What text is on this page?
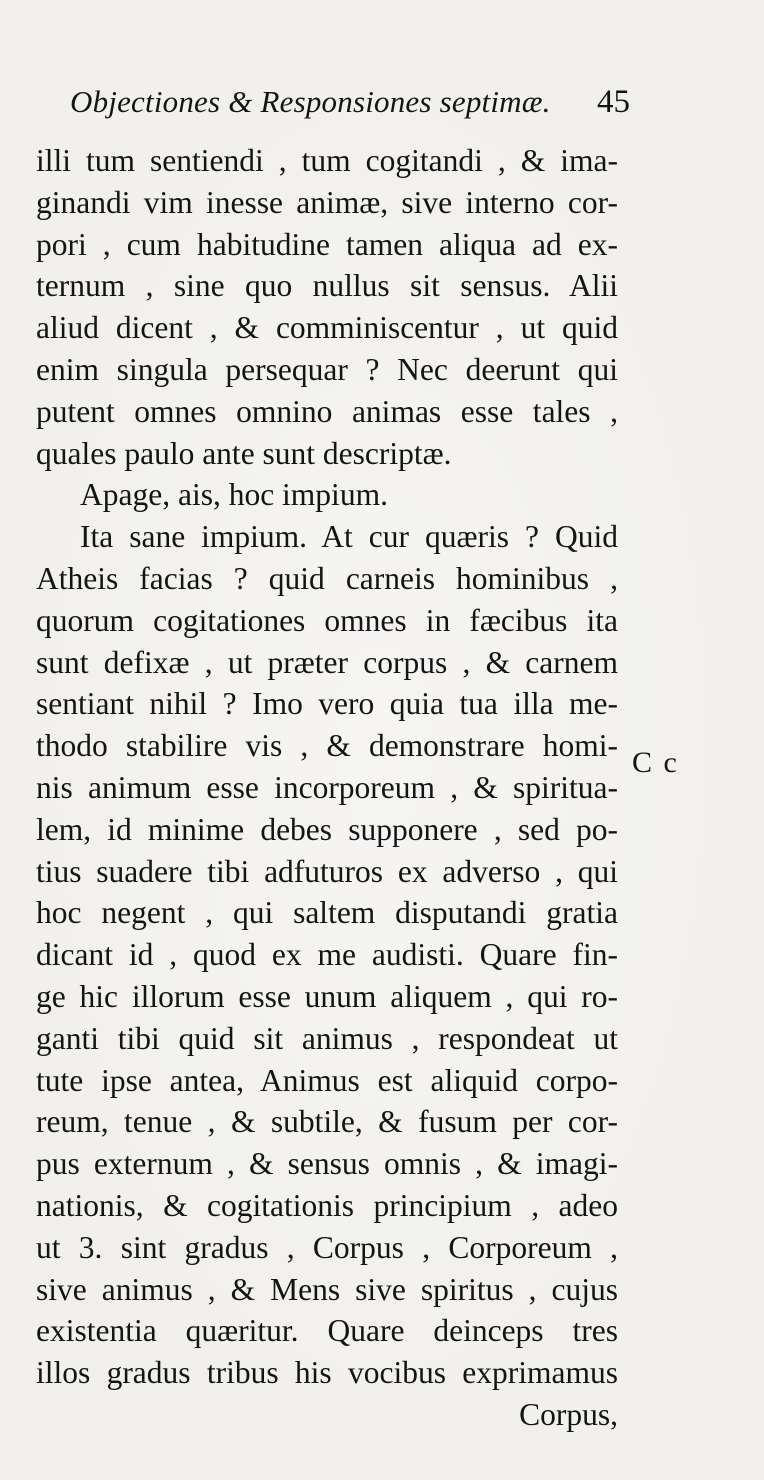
Objectiones & Responsiones septimæ. 45
illi tum sentiendi , tum cogitandi , & ima-
ginandi vim inesse animæ, sive interno cor-
pori , cum habitudine tamen aliqua ad ex-
ternum , sine quo nullus sit sensus. Alii
aliud dicent , & comminiscentur , ut quid
enim singula persequar ? Nec deerunt qui
putent omnes omnino animas esse tales ,
quales paulo ante sunt descriptæ.
Apage, ais, hoc impium.
Ita sane impium. At cur quæris ? Quid
Atheis facias ? quid carneis hominibus ,
quorum cogitationes omnes in fæcibus ita
sunt defixæ , ut præter corpus , & carnem
sentiant nihil ? Imo vero quia tua illa me-
thodo stabilire vis , & demonstrare homi-
nis animum esse incorporeum , & spiritua-
lem, id minime debes supponere , sed po-
tius suadere tibi adfuturos ex adverso , qui
hoc negent , qui saltem disputandi gratia
dicant id , quod ex me audisti. Quare fin-
ge hic illorum esse unum aliquem , qui ro-
ganti tibi quid sit animus , respondeat ut
tute ipse antea, Animus est aliquid corpo-
reum, tenue , & subtile, & fusum per cor-
pus externum , & sensus omnis , & imagi-
nationis, & cogitationis principium , adeo
ut 3. sint gradus , Corpus , Corporeum ,
sive animus , & Mens sive spiritus , cujus
existentia quæritur. Quare deinceps tres
illos gradus tribus his vocibus exprimamus
Corpus,
C c
